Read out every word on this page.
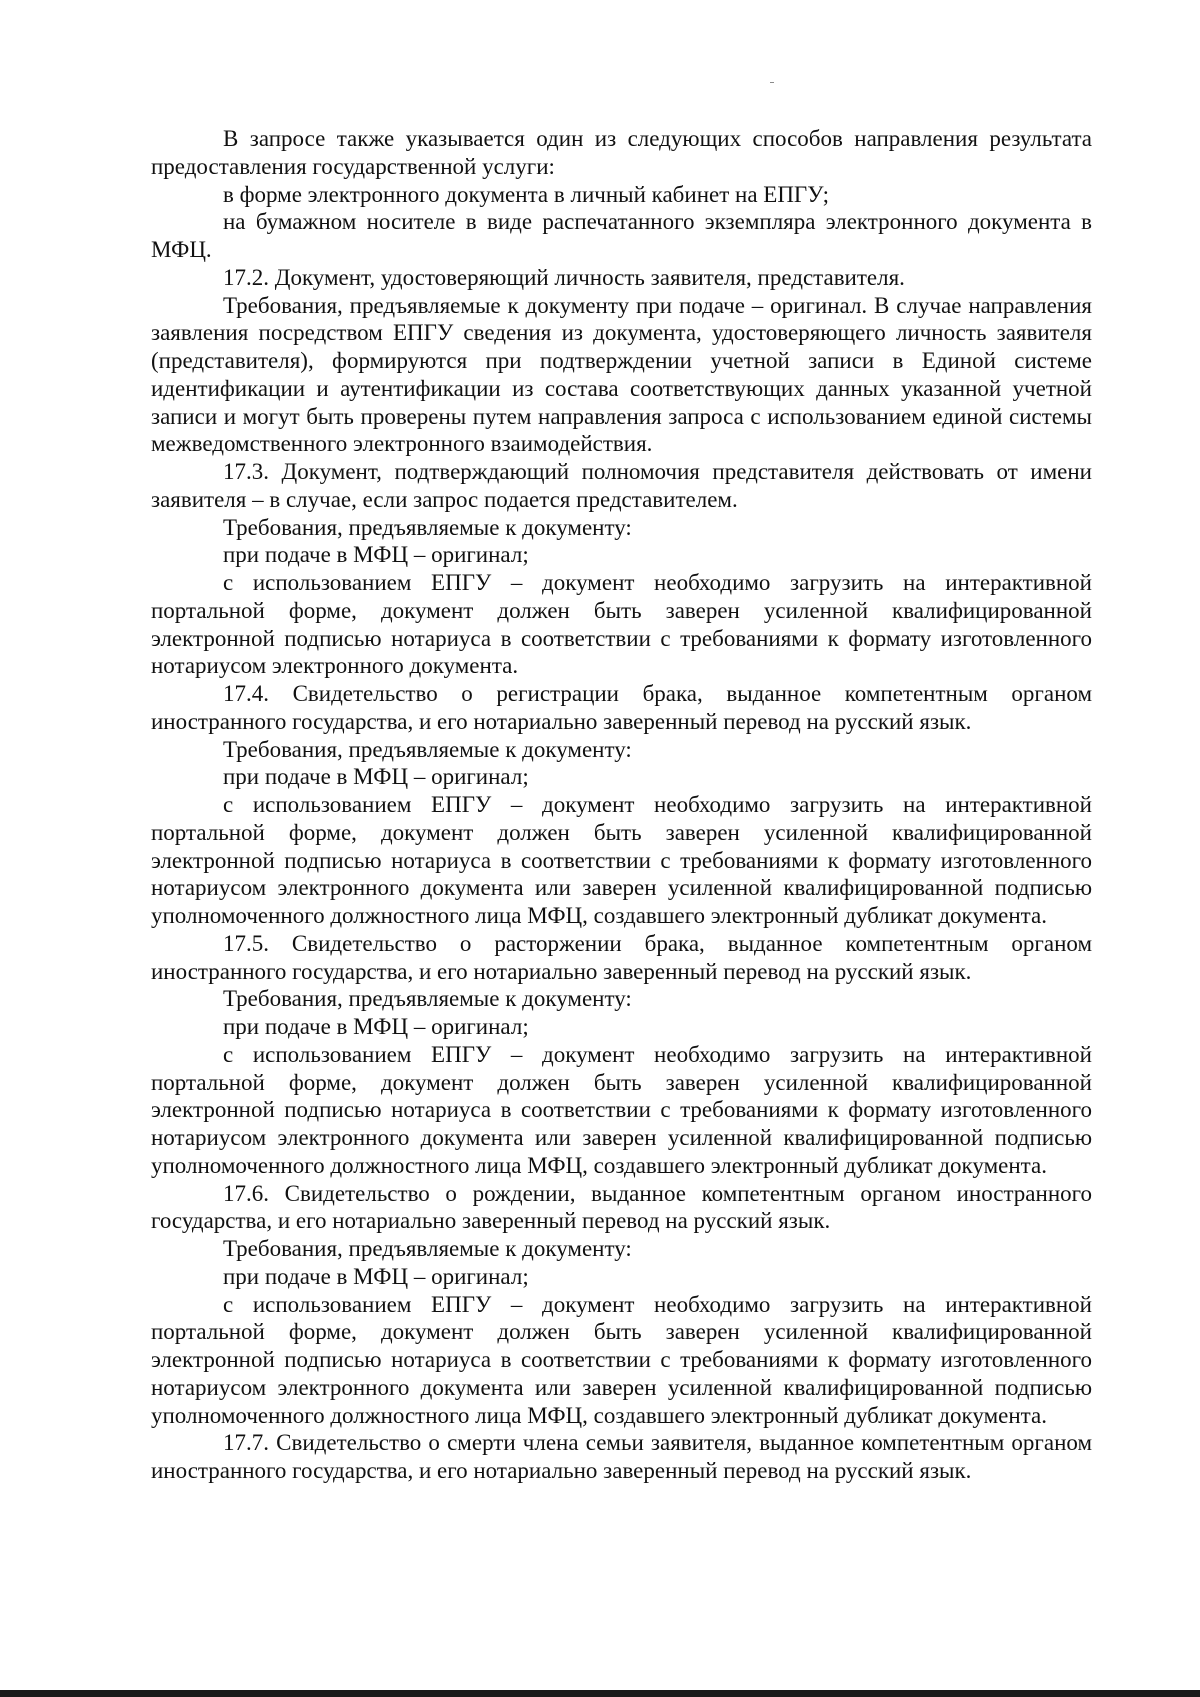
В запросе также указывается один из следующих способов направления результата предоставления государственной услуги:

в форме электронного документа в личный кабинет на ЕПГУ;

на бумажном носителе в виде распечатанного экземпляра электронного документа в МФЦ.

17.2. Документ, удостоверяющий личность заявителя, представителя.

Требования, предъявляемые к документу при подаче – оригинал. В случае направления заявления посредством ЕПГУ сведения из документа, удостоверяющего личность заявителя (представителя), формируются при подтверждении учетной записи в Единой системе идентификации и аутентификации из состава соответствующих данных указанной учетной записи и могут быть проверены путем направления запроса с использованием единой системы межведомственного электронного взаимодействия.

17.3. Документ, подтверждающий полномочия представителя действовать от имени заявителя – в случае, если запрос подается представителем.

Требования, предъявляемые к документу:

при подаче в МФЦ – оригинал;

с использованием ЕПГУ – документ необходимо загрузить на интерактивной портальной форме, документ должен быть заверен усиленной квалифицированной электронной подписью нотариуса в соответствии с требованиями к формату изготовленного нотариусом электронного документа.

17.4. Свидетельство о регистрации брака, выданное компетентным органом иностранного государства, и его нотариально заверенный перевод на русский язык.

Требования, предъявляемые к документу:

при подаче в МФЦ – оригинал;

с использованием ЕПГУ – документ необходимо загрузить на интерактивной портальной форме, документ должен быть заверен усиленной квалифицированной электронной подписью нотариуса в соответствии с требованиями к формату изготовленного нотариусом электронного документа или заверен усиленной квалифицированной подписью уполномоченного должностного лица МФЦ, создавшего электронный дубликат документа.

17.5. Свидетельство о расторжении брака, выданное компетентным органом иностранного государства, и его нотариально заверенный перевод на русский язык.

Требования, предъявляемые к документу:

при подаче в МФЦ – оригинал;

с использованием ЕПГУ – документ необходимо загрузить на интерактивной портальной форме, документ должен быть заверен усиленной квалифицированной электронной подписью нотариуса в соответствии с требованиями к формату изготовленного нотариусом электронного документа или заверен усиленной квалифицированной подписью уполномоченного должностного лица МФЦ, создавшего электронный дубликат документа.

17.6. Свидетельство о рождении, выданное компетентным органом иностранного государства, и его нотариально заверенный перевод на русский язык.

Требования, предъявляемые к документу:

при подаче в МФЦ – оригинал;

с использованием ЕПГУ – документ необходимо загрузить на интерактивной портальной форме, документ должен быть заверен усиленной квалифицированной электронной подписью нотариуса в соответствии с требованиями к формату изготовленного нотариусом электронного документа или заверен усиленной квалифицированной подписью уполномоченного должностного лица МФЦ, создавшего электронный дубликат документа.

17.7. Свидетельство о смерти члена семьи заявителя, выданное компетентным органом иностранного государства, и его нотариально заверенный перевод на русский язык.
